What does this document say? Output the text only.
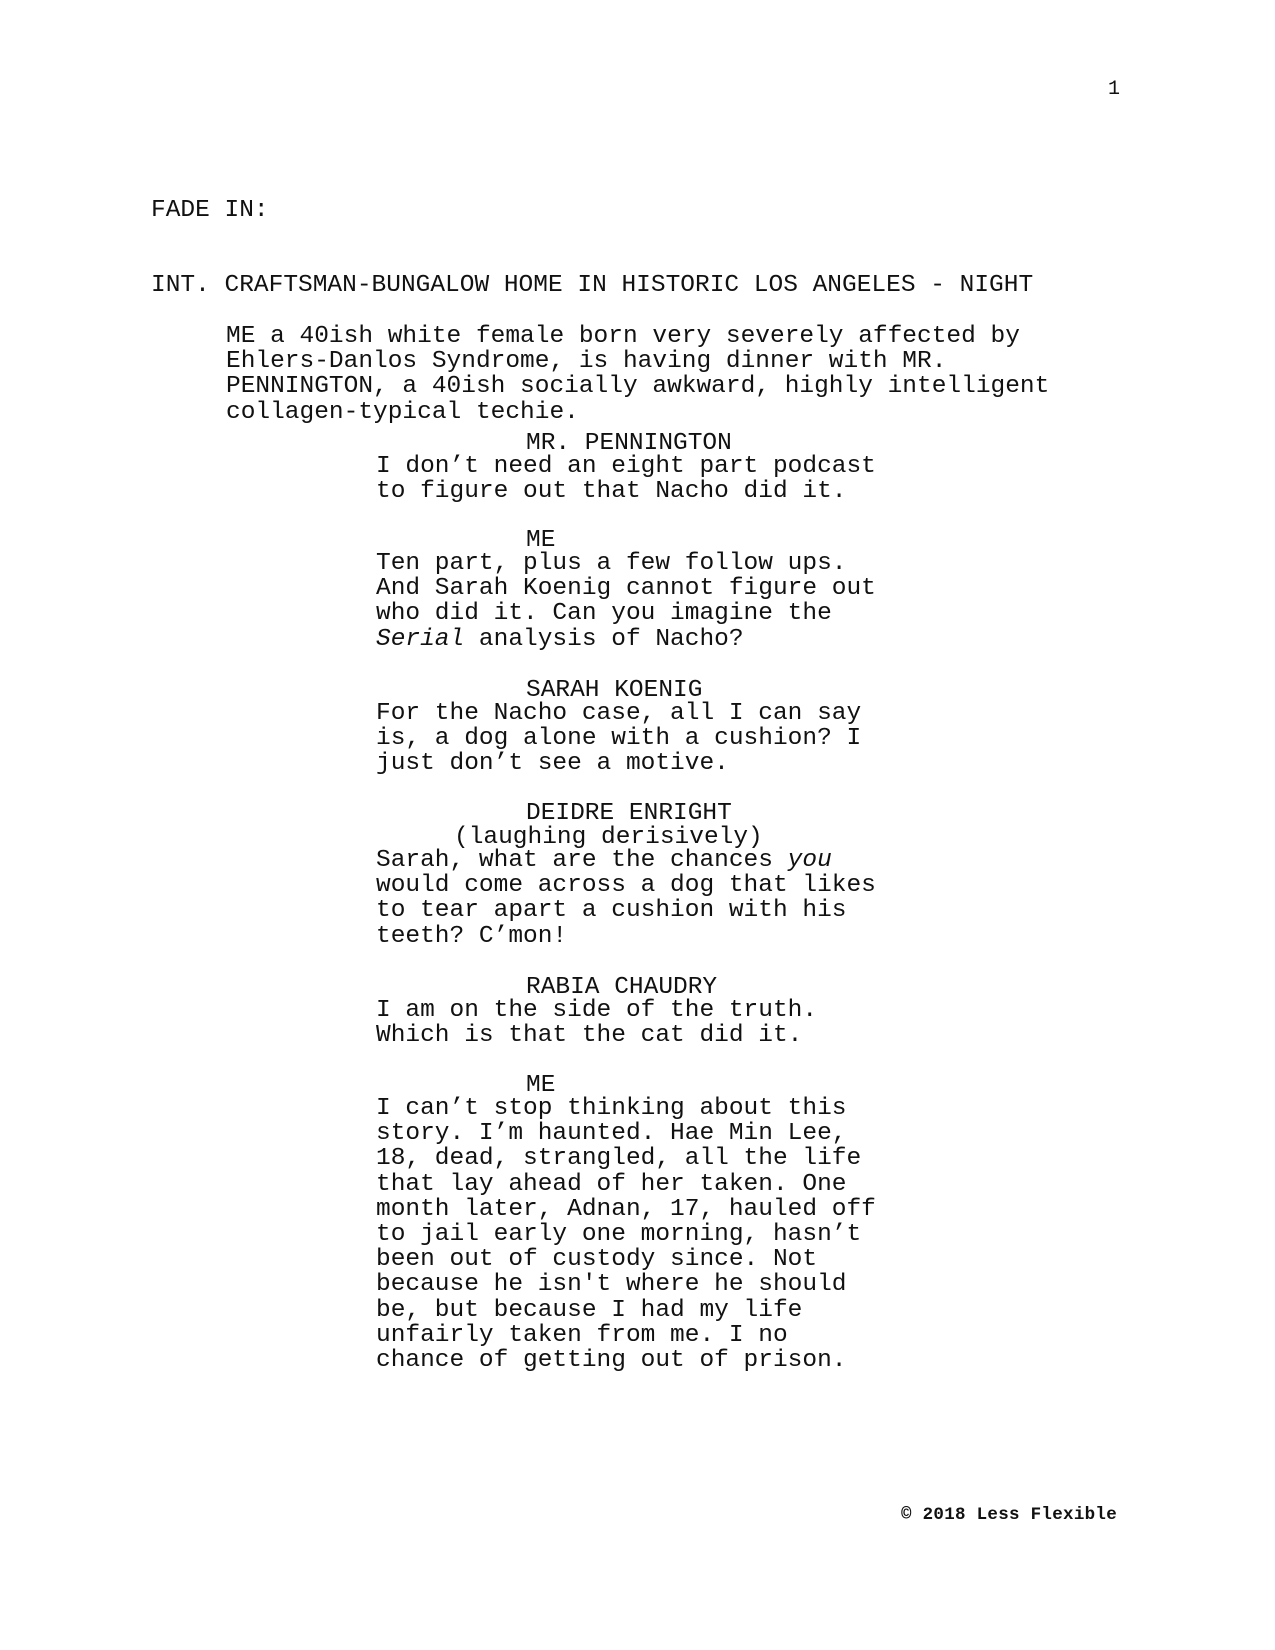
1
FADE IN:
INT. CRAFTSMAN-BUNGALOW HOME IN HISTORIC LOS ANGELES - NIGHT
ME a 40ish white female born very severely affected by
Ehlers-Danlos Syndrome, is having dinner with MR.
PENNINGTON, a 40ish socially awkward, highly intelligent
collagen-typical techie.
MR. PENNINGTON
I don’t need an eight part podcast
to figure out that Nacho did it.
ME
Ten part, plus a few follow ups.
And Sarah Koenig cannot figure out
who did it. Can you imagine the
Serial analysis of Nacho?
SARAH KOENIG
For the Nacho case, all I can say
is, a dog alone with a cushion? I
just don’t see a motive.
DEIDRE ENRIGHT
(laughing derisively)
Sarah, what are the chances you
would come across a dog that likes
to tear apart a cushion with his
teeth? C’mon!
RABIA CHAUDRY
I am on the side of the truth.
Which is that the cat did it.
ME
I can’t stop thinking about this
story. I’m haunted. Hae Min Lee,
18, dead, strangled, all the life
that lay ahead of her taken. One
month later, Adnan, 17, hauled off
to jail early one morning, hasn’t
been out of custody since. Not
because he isn't where he should
be, but because I had my life
unfairly taken from me. I no
chance of getting out of prison.
© 2018 Less Flexible
